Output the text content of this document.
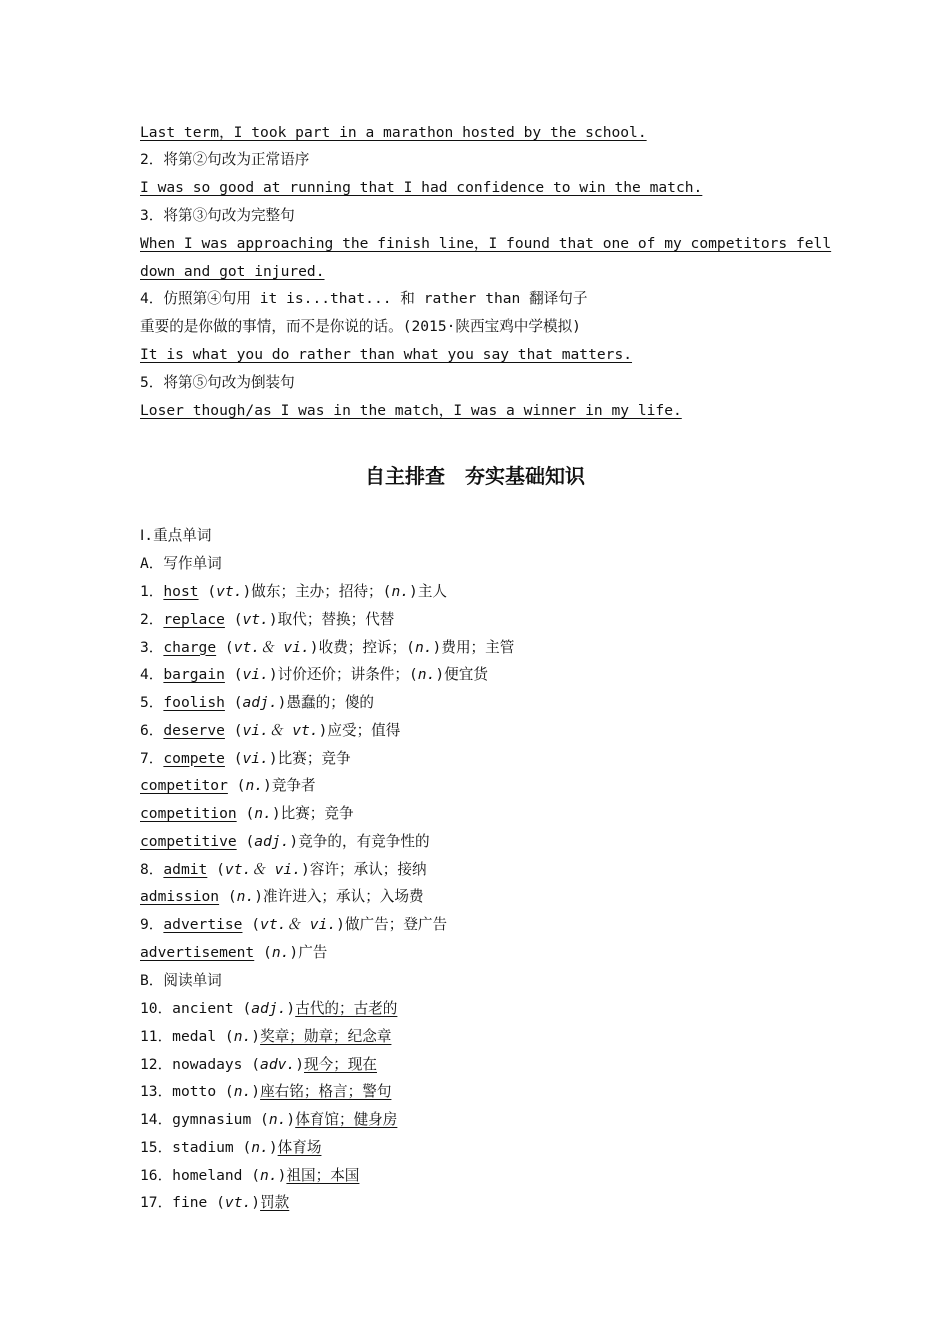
Last term，I took part in a marathon hosted by the school.
2．将第②句改为正常语序
I was so good at running that I had confidence to win the match.
3．将第③句改为完整句
When I was approaching the finish line，I found that one of my competitors fell
down and got injured.
4．仿照第④句用 it is...that... 和 rather than 翻译句子
重要的是你做的事情，而不是你说的话。(2015·陕西宝鸡中学模拟)
It is what you do rather than what you say that matters.
5．将第⑤句改为倒装句
Loser though/as I was in the match，I was a winner in my life.
自主排查　夯实基础知识
Ⅰ.重点单词
A．写作单词
1．host (vt.)做东；主办；招待；(n.)主人
2．replace (vt.)取代；替换；代替
3．charge (vt.＆ vi.)收费；控诉；(n.)费用；主管
4．bargain (vi.)讨价还价；讲条件；(n.)便宜货
5．foolish (adj.)愚蠢的；傻的
6．deserve (vi.＆ vt.)应受；值得
7．compete (vi.)比赛；竞争
competitor (n.)竞争者
competition (n.)比赛；竞争
competitive (adj.)竞争的，有竞争性的
8．admit (vt.＆ vi.)容许；承认；接纳
admission (n.)准许进入；承认；入场费
9．advertise (vt.＆ vi.)做广告；登广告
advertisement (n.)广告
B．阅读单词
10．ancient (adj.)古代的；古老的
11．medal (n.)奖章；勋章；纪念章
12．nowadays (adv.)现今；现在
13．motto (n.)座右铭；格言；警句
14．gymnasium (n.)体育馆；健身房
15．stadium (n.)体育场
16．homeland (n.)祖国；本国
17．fine (vt.)罚款
